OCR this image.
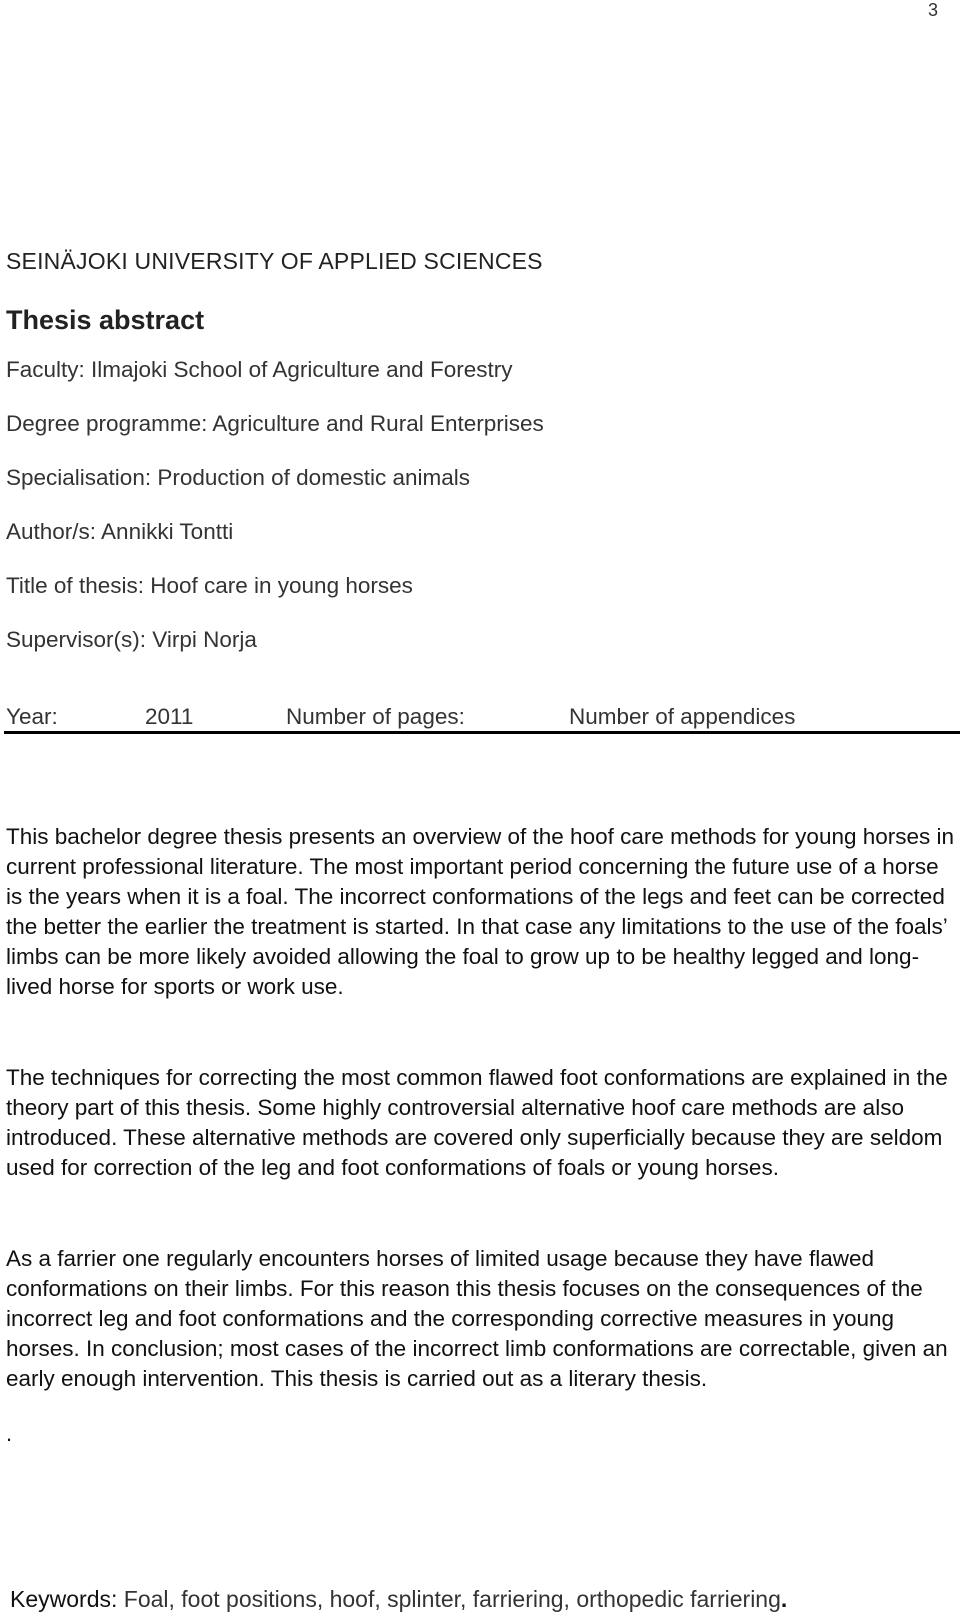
3
SEINÄJOKI UNIVERSITY OF APPLIED SCIENCES
Thesis abstract
Faculty: Ilmajoki School of Agriculture and Forestry
Degree programme: Agriculture and Rural Enterprises
Specialisation: Production of domestic animals
Author/s: Annikki Tontti
Title of thesis: Hoof care in young horses
Supervisor(s): Virpi Norja
Year:	2011	Number of pages:	Number of appendices

This bachelor degree thesis presents an overview of the hoof care methods for young horses in current professional literature. The most important period concerning the future use of a horse is the years when it is a foal. The incorrect conformations of the legs and feet can be corrected the better the earlier the treatment is started. In that case any limitations to the use of the foals’ limbs can be more likely avoided allowing the foal to grow up to be healthy legged and long-lived horse for sports or work use.

The techniques for correcting the most common flawed foot conformations are explained in the theory part of this thesis. Some highly controversial alternative hoof care methods are also introduced. These alternative methods are covered only superficially because they are seldom used for correction of the leg and foot conformations of foals or young horses.

As a farrier one regularly encounters horses of limited usage because they have flawed conformations on their limbs. For this reason this thesis focuses on the consequences of the incorrect leg and foot conformations and the corresponding corrective measures in young horses. In conclusion; most cases of the incorrect limb conformations are correctable, given an early enough intervention. This thesis is carried out as a literary thesis.

.
Keywords: Foal, foot positions, hoof, splinter, farriering, orthopedic farriering.
